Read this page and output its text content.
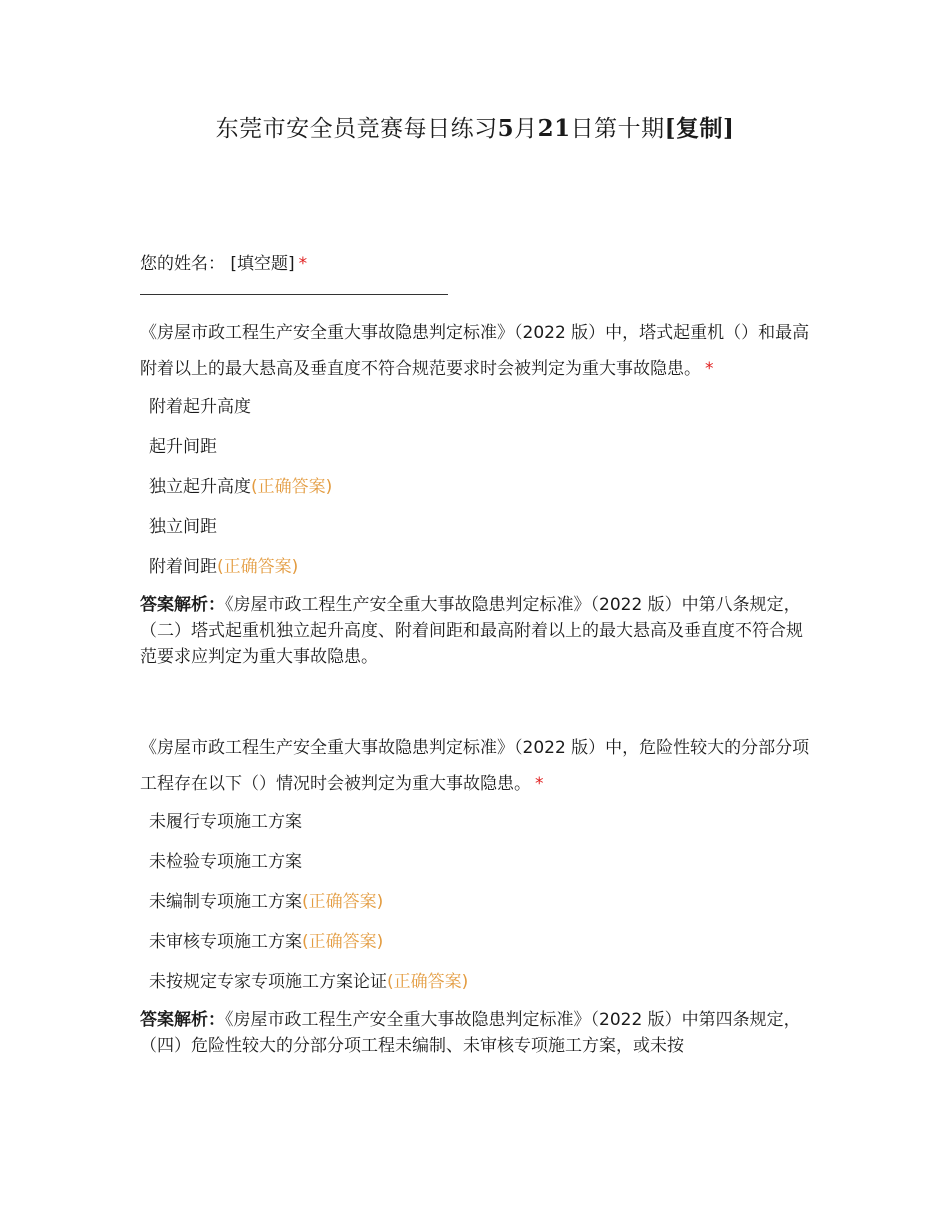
东莞市安全员竞赛每日练习5月21日第十期[复制]
您的姓名： [填空题] *
《房屋市政工程生产安全重大事故隐患判定标准》（2022 版）中，塔式起重机（）和最高附着以上的最大悬高及垂直度不符合规范要求时会被判定为重大事故隐患。 *
附着起升高度
起升间距
独立起升高度(正确答案)
独立间距
附着间距(正确答案)
答案解析：《房屋市政工程生产安全重大事故隐患判定标准》（2022 版）中第八条规定，（二）塔式起重机独立起升高度、附着间距和最高附着以上的最大悬高及垂直度不符合规范要求应判定为重大事故隐患。
《房屋市政工程生产安全重大事故隐患判定标准》（2022 版）中，危险性较大的分部分项工程存在以下（）情况时会被判定为重大事故隐患。 *
未履行专项施工方案
未检验专项施工方案
未编制专项施工方案(正确答案)
未审核专项施工方案(正确答案)
未按规定专家专项施工方案论证(正确答案)
答案解析：《房屋市政工程生产安全重大事故隐患判定标准》（2022 版）中第四条规定，（四）危险性较大的分部分项工程未编制、未审核专项施工方案，或未按
